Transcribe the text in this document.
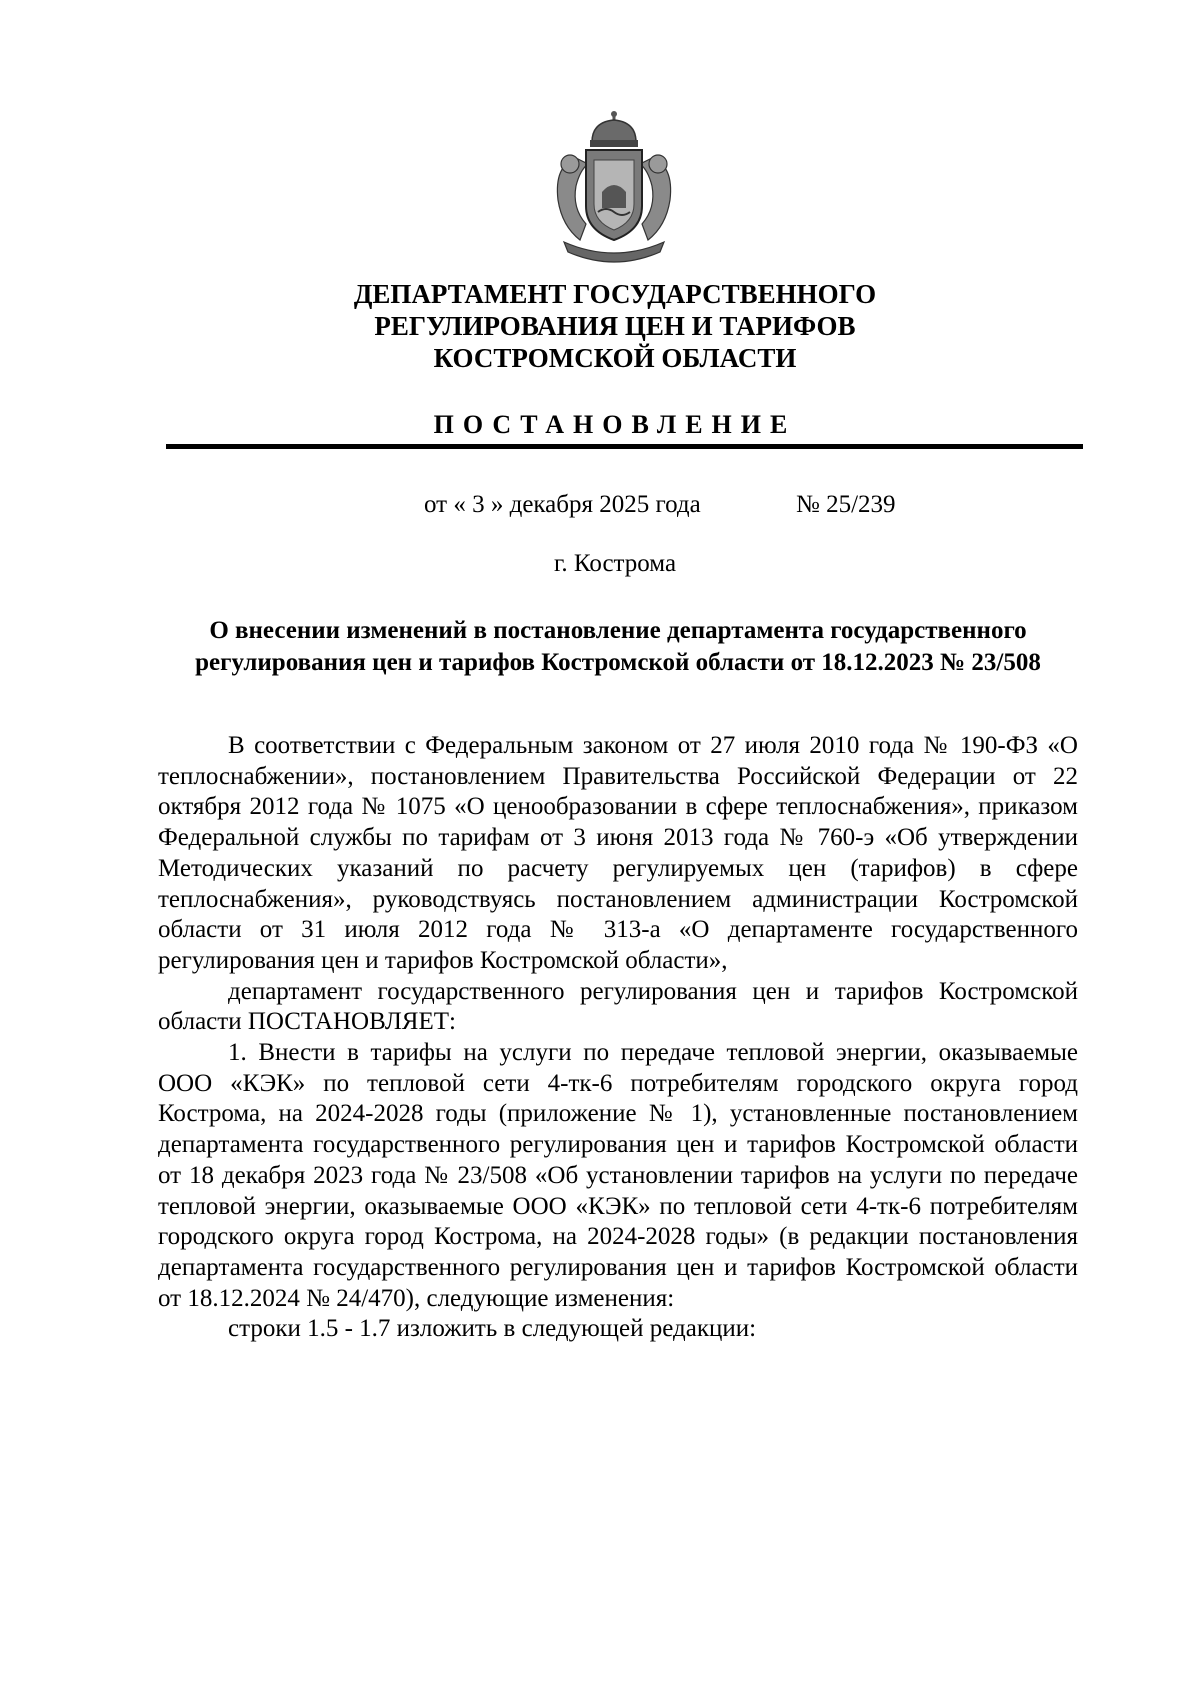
ДЕПАРТАМЕНТ ГОСУДАРСТВЕННОГО
РЕГУЛИРОВАНИЯ ЦЕН И ТАРИФОВ
КОСТРОМСКОЙ ОБЛАСТИ
ПОСТАНОВЛЕНИЕ
от « 3 » декабря 2025 года	№ 25/239
г. Кострома
О внесении изменений в постановление департамента государственного
регулирования цен и тарифов Костромской области от 18.12.2023 № 23/508

В соответствии с Федеральным законом от 27 июля 2010 года № 190-ФЗ «О теплоснабжении», постановлением Правительства Российской Федерации от 22 октября 2012 года № 1075 «О ценообразовании в сфере теплоснабжения», приказом Федеральной службы по тарифам от 3 июня 2013 года № 760-э «Об утверждении Методических указаний по расчету регулируемых цен (тарифов) в сфере теплоснабжения», руководствуясь постановлением администрации Костромской области от 31 июля 2012 года № 313-а «О департаменте государственного регулирования цен и тарифов Костромской области»,

департамент государственного регулирования цен и тарифов Костромской области ПОСТАНОВЛЯЕТ:

1. Внести в тарифы на услуги по передаче тепловой энергии, оказываемые ООО «КЭК» по тепловой сети 4-тк-6 потребителям городского округа город Кострома, на 2024-2028 годы (приложение № 1), установленные постановлением департамента государственного регулирования цен и тарифов Костромской области от 18 декабря 2023 года № 23/508 «Об установлении тарифов на услуги по передаче тепловой энергии, оказываемые ООО «КЭК» по тепловой сети 4-тк-6 потребителям городского округа город Кострома, на 2024-2028 годы» (в редакции постановления департамента государственного регулирования цен и тарифов Костромской области от 18.12.2024 № 24/470), следующие изменения:

строки 1.5 - 1.7 изложить в следующей редакции:
